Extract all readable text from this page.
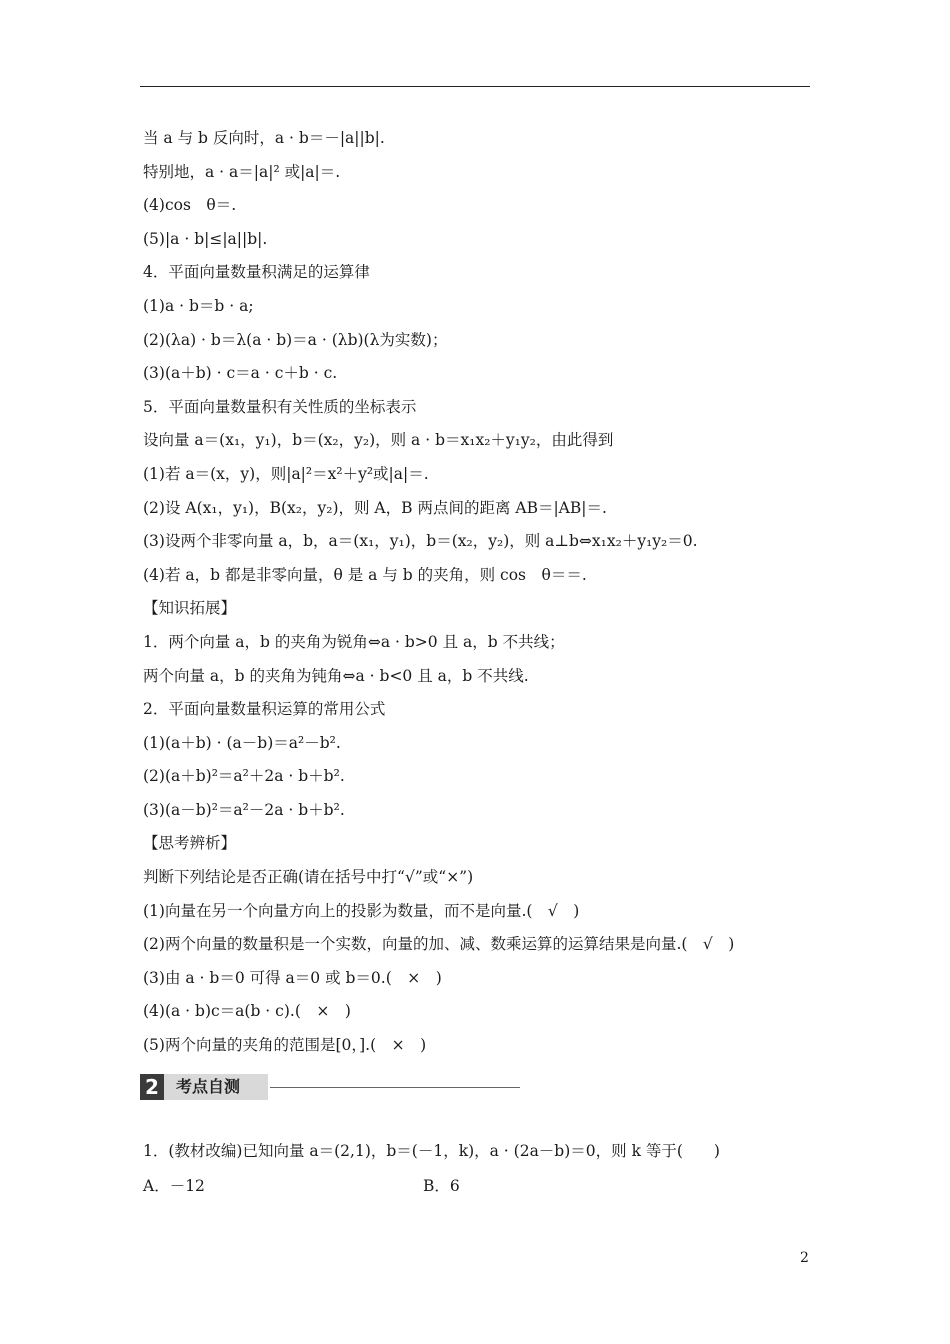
当 a 与 b 反向时，a · b＝－|a||b|.
特别地，a · a＝|a|² 或|a|＝.
(4)cos　θ＝.
(5)|a · b|≤|a||b|.
4．平面向量数量积满足的运算律
(1)a · b＝b · a;
(2)(λa) · b＝λ(a · b)＝a · (λb)(λ为实数)；
(3)(a＋b) · c＝a · c＋b · c.
5．平面向量数量积有关性质的坐标表示
设向量 a＝(x₁，y₁)，b＝(x₂，y₂)，则 a · b＝x₁x₂＋y₁y₂，由此得到
(1)若 a＝(x，y)，则|a|²＝x²＋y²或|a|＝.
(2)设 A(x₁，y₁)，B(x₂，y₂)，则 A，B 两点间的距离 AB＝|AB|＝.
(3)设两个非零向量 a，b，a＝(x₁，y₁)，b＝(x₂，y₂)，则 a⊥b⇔x₁x₂＋y₁y₂＝0.
(4)若 a，b 都是非零向量，θ 是 a 与 b 的夹角，则 cos　θ＝＝.
【知识拓展】
1．两个向量 a，b 的夹角为锐角⇔a · b>0 且 a，b 不共线；
两个向量 a，b 的夹角为钝角⇔a · b<0 且 a，b 不共线.
2．平面向量数量积运算的常用公式
(1)(a＋b) · (a－b)＝a²－b².
(2)(a＋b)²＝a²＋2a · b＋b².
(3)(a－b)²＝a²－2a · b＋b².
【思考辨析】
判断下列结论是否正确(请在括号中打“√”或“×”)
(1)向量在另一个向量方向上的投影为数量，而不是向量.(　√　)
(2)两个向量的数量积是一个实数，向量的加、减、数乘运算的运算结果是向量.(　√　)
(3)由 a · b＝0 可得 a＝0 或 b＝0.(　×　)
(4)(a · b)c＝a(b · c).(　×　)
(5)两个向量的夹角的范围是[0，].(　×　)
2	考点自测
1．(教材改编)已知向量 a＝(2,1)，b＝(－1，k)，a · (2a－b)＝0，则 k 等于(　　)
A．－12	B．6
2
